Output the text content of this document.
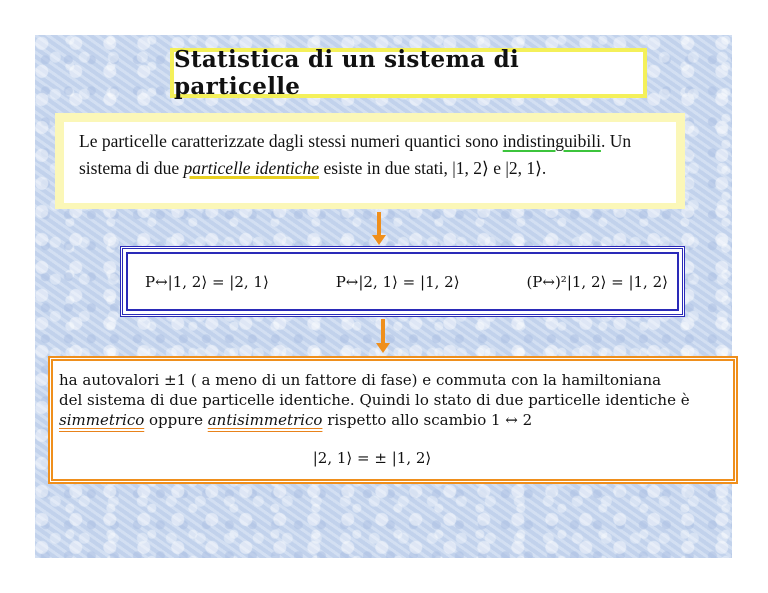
Statistica di un sistema di particelle
Le particelle caratterizzate dagli stessi numeri quantici sono indistinguibili. Un
sistema di due particelle identiche esiste in due stati, |1, 2⟩ e |2, 1⟩.
P↔|1, 2⟩ = |2, 1⟩	P↔|2, 1⟩ = |1, 2⟩	(P↔)²|1, 2⟩ = |1, 2⟩
ha autovalori ±1 ( a meno di un fattore di fase) e commuta con la hamiltoniana
del sistema di due particelle identiche. Quindi lo stato di due particelle identiche è
simmetrico oppure antisimmetrico rispetto allo scambio 1 ↔ 2
|2, 1⟩ = ± |1, 2⟩
